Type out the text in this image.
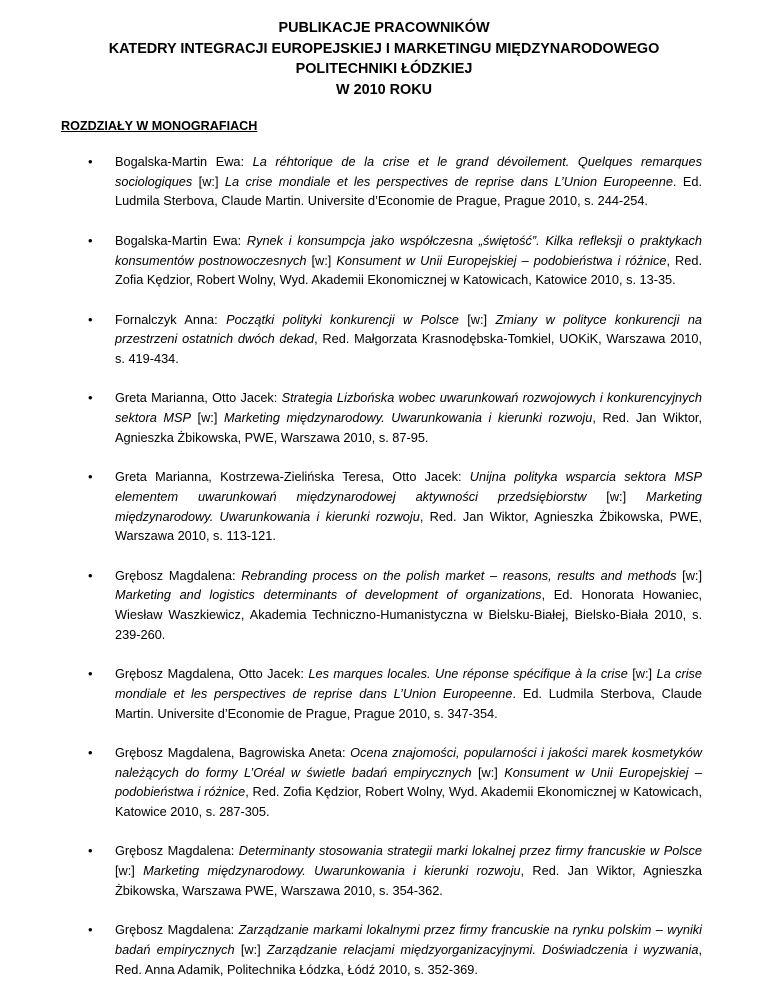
PUBLIKACJE PRACOWNIKÓW
KATEDRY INTEGRACJI EUROPEJSKIEJ I MARKETINGU MIĘDZYNARODOWEGO
POLITECHNIKI ŁÓDZKIEJ
W 2010 ROKU
ROZDZIAŁY W MONOGRAFIACH
• Bogalska-Martin Ewa: La réhtorique de la crise et le grand dévoilement. Quelques remarques sociologiques [w:] La crise mondiale et les perspectives de reprise dans L’Union Europeenne. Ed. Ludmila Sterbova, Claude Martin. Universite d’Economie de Prague, Prague 2010, s. 244-254.
• Bogalska-Martin Ewa: Rynek i konsumpcja jako współczesna „świętość”. Kilka refleksji o praktykach konsumentów postnowoczesnych [w:] Konsument w Unii Europejskiej – podobieństwa i różnice, Red. Zofia Kędzior, Robert Wolny, Wyd. Akademii Ekonomicznej w Katowicach, Katowice 2010, s. 13-35.
• Fornalczyk Anna: Początki polityki konkurencji w Polsce [w:] Zmiany w polityce konkurencji na przestrzeni ostatnich dwóch dekad, Red. Małgorzata Krasnodębska-Tomkiel, UOKiK, Warszawa 2010, s. 419-434.
• Greta Marianna, Otto Jacek: Strategia Lizbońska wobec uwarunkowań rozwojowych i konkurencyjnych sektora MSP [w:] Marketing międzynarodowy. Uwarunkowania i kierunki rozwoju, Red. Jan Wiktor, Agnieszka Żbikowska, PWE, Warszawa 2010, s. 87-95.
• Greta Marianna, Kostrzewa-Zielińska Teresa, Otto Jacek: Unijna polityka wsparcia sektora MSP elementem uwarunkowań międzynarodowej aktywności przedsiębiorstw [w:] Marketing międzynarodowy. Uwarunkowania i kierunki rozwoju, Red. Jan Wiktor, Agnieszka Żbikowska, PWE, Warszawa 2010, s. 113-121.
• Grębosz Magdalena: Rebranding process on the polish market – reasons, results and methods [w:] Marketing and logistics determinants of development of organizations, Ed. Honorata Howaniec, Wiesław Waszkiewicz, Akademia Techniczno-Humanistyczna w Bielsku-Białej, Bielsko-Biała 2010, s. 239-260.
• Grębosz Magdalena, Otto Jacek: Les marques locales. Une réponse spécifique à la crise [w:] La crise mondiale et les perspectives de reprise dans L’Union Europeenne. Ed. Ludmila Sterbova, Claude Martin. Universite d’Economie de Prague, Prague 2010, s. 347-354.
• Grębosz Magdalena, Bagrowiska Aneta: Ocena znajomości, popularności i jakości marek kosmetyków należących do formy L’Oréal w świetle badań empirycznych [w:] Konsument w Unii Europejskiej – podobieństwa i różnice, Red. Zofia Kędzior, Robert Wolny, Wyd. Akademii Ekonomicznej w Katowicach, Katowice 2010, s. 287-305.
• Grębosz Magdalena: Determinanty stosowania strategii marki lokalnej przez firmy francuskie w Polsce [w:] Marketing międzynarodowy. Uwarunkowania i kierunki rozwoju, Red. Jan Wiktor, Agnieszka Żbikowska, Warszawa PWE, Warszawa 2010, s. 354-362.
• Grębosz Magdalena: Zarządzanie markami lokalnymi przez firmy francuskie na rynku polskim – wyniki badań empirycznych [w:] Zarządzanie relacjami międzyorganizacyjnymi. Doświadczenia i wyzwania, Red. Anna Adamik, Politechnika Łódzka, Łódź 2010, s. 352-369.
